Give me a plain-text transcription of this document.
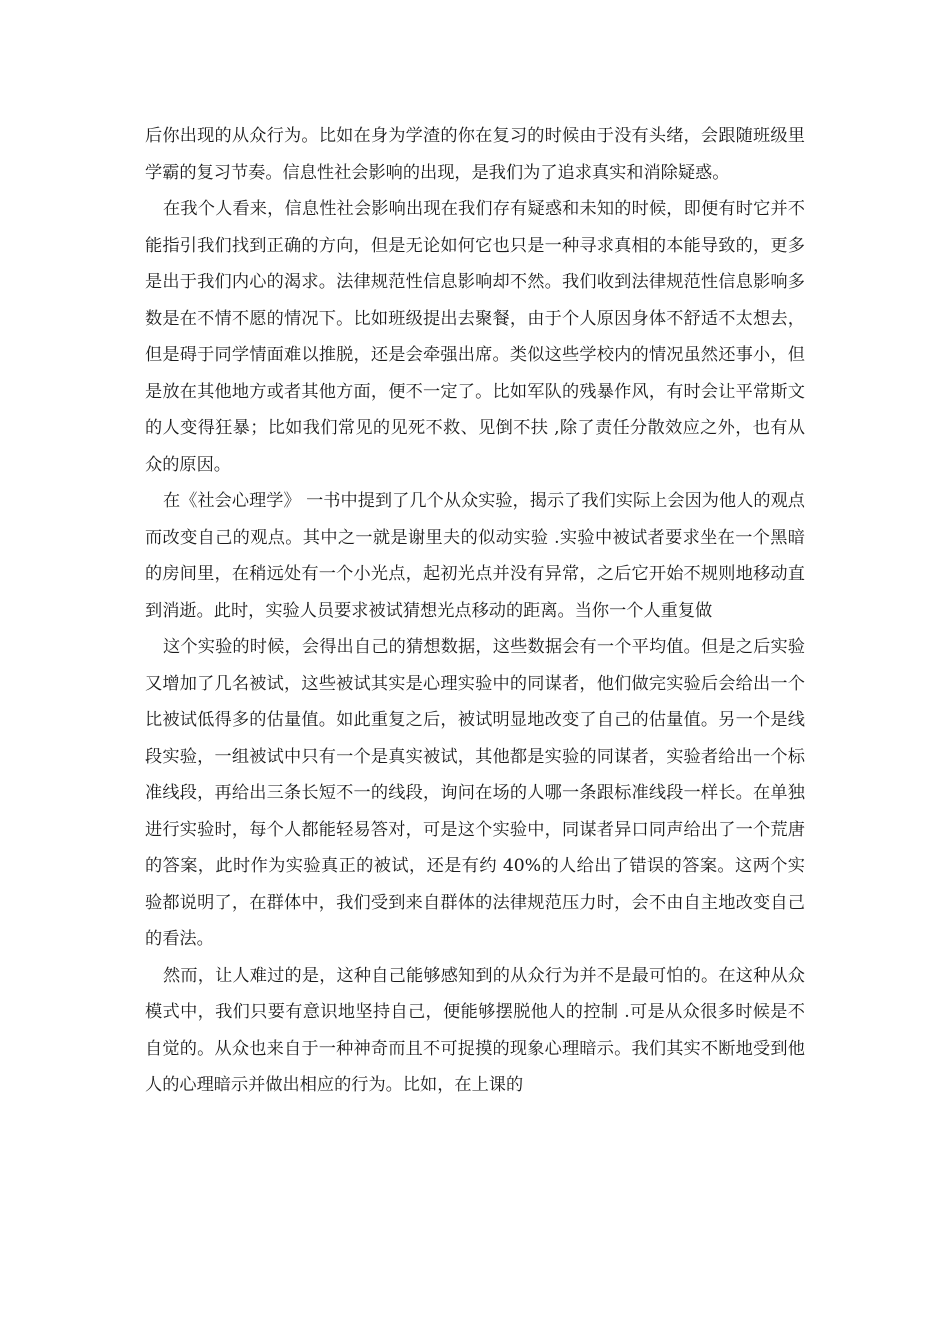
后你出现的从众行为。比如在身为学渣的你在复习的时候由于没有头绪，会跟随班级里学霸的复习节奏。信息性社会影响的出现，是我们为了追求真实和消除疑惑。

在我个人看来，信息性社会影响出现在我们存有疑惑和未知的时候，即便有时它并不能指引我们找到正确的方向，但是无论如何它也只是一种寻求真相的本能导致的，更多是出于我们内心的渴求。法律规范性信息影响却不然。我们收到法律规范性信息影响多数是在不情不愿的情况下。比如班级提出去聚餐，由于个人原因身体不舒适不太想去，但是碍于同学情面难以推脱，还是会牵强出席。类似这些学校内的情况虽然还事小，但是放在其他地方或者其他方面，便不一定了。比如军队的残暴作风，有时会让平常斯文的人变得狂暴；比如我们常见的见死不救、见倒不扶 ,除了责任分散效应之外，也有从众的原因。

在《社会心理学》 一书中提到了几个从众实验，揭示了我们实际上会因为他人的观点而改变自己的观点。其中之一就是谢里夫的似动实验 .实验中被试者要求坐在一个黑暗的房间里，在稍远处有一个小光点，起初光点并没有异常，之后它开始不规则地移动直到消逝。此时，实验人员要求被试猜想光点移动的距离。当你一个人重复做

这个实验的时候，会得出自己的猜想数据，这些数据会有一个平均值。但是之后实验又增加了几名被试，这些被试其实是心理实验中的同谋者，他们做完实验后会给出一个比被试低得多的估量值。如此重复之后，被试明显地改变了自己的估量值。另一个是线段实验，一组被试中只有一个是真实被试，其他都是实验的同谋者，实验者给出一个标准线段，再给出三条长短不一的线段，询问在场的人哪一条跟标准线段一样长。在单独进行实验时，每个人都能轻易答对，可是这个实验中，同谋者异口同声给出了一个荒唐的答案，此时作为实验真正的被试，还是有约 40%的人给出了错误的答案。这两个实验都说明了，在群体中，我们受到来自群体的法律规范压力时，会不由自主地改变自己的看法。

然而，让人难过的是，这种自己能够感知到的从众行为并不是最可怕的。在这种从众模式中，我们只要有意识地坚持自己，便能够摆脱他人的控制 .可是从众很多时候是不自觉的。从众也来自于一种神奇而且不可捉摸的现象心理暗示。我们其实不断地受到他人的心理暗示并做出相应的行为。比如，在上课的
